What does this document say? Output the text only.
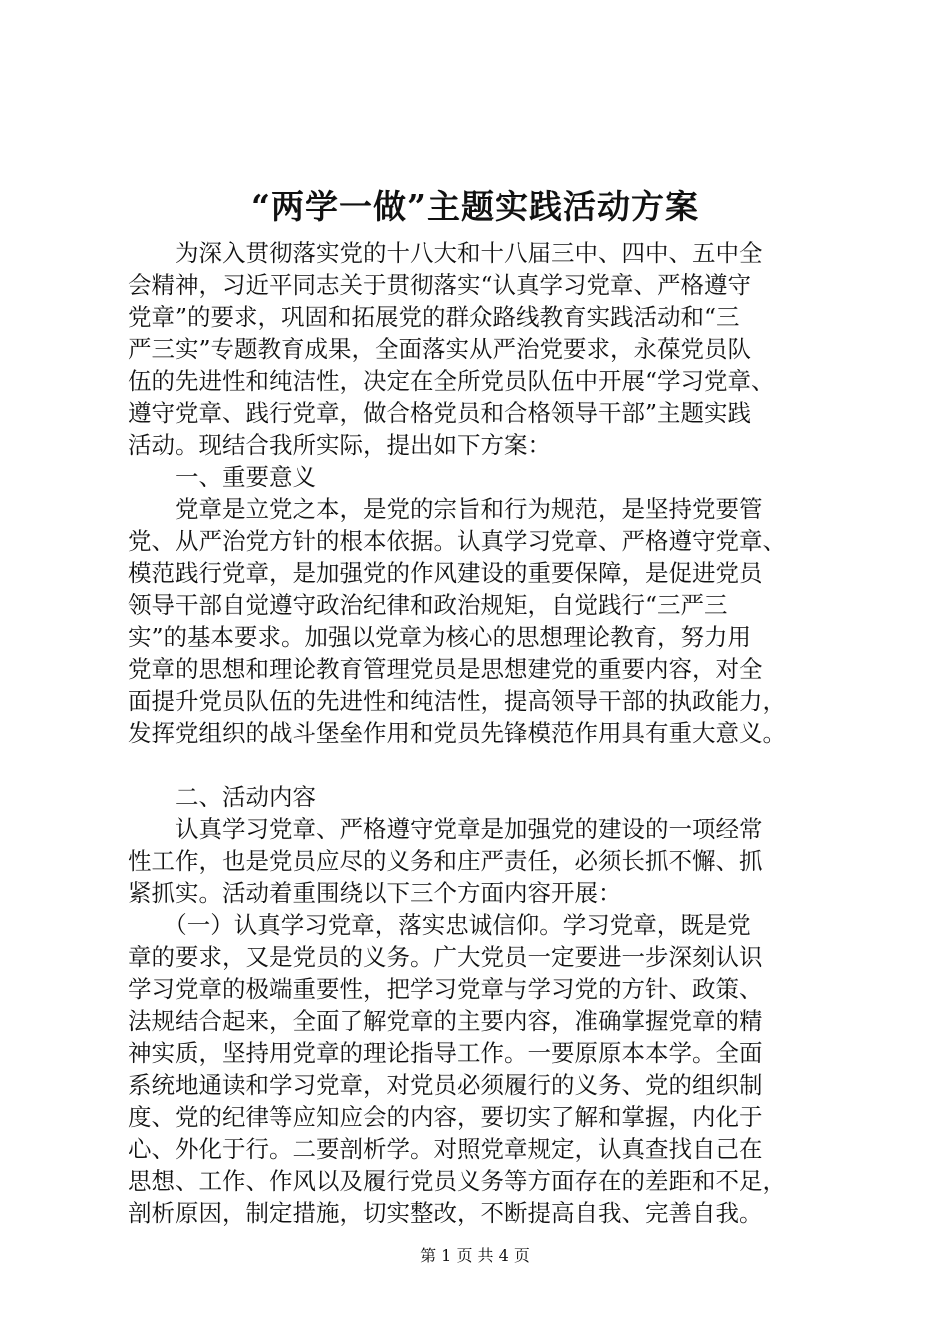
“两学一做”主题实践活动方案
　　为深入贯彻落实党的十八大和十八届三中、四中、五中全
会精神，习近平同志关于贯彻落实“认真学习党章、严格遵守
党章”的要求，巩固和拓展党的群众路线教育实践活动和“三
严三实”专题教育成果，全面落实从严治党要求，永葆党员队
伍的先进性和纯洁性，决定在全所党员队伍中开展“学习党章、
遵守党章、践行党章，做合格党员和合格领导干部”主题实践
活动。现结合我所实际，提出如下方案：
　　一、重要意义
　　党章是立党之本，是党的宗旨和行为规范，是坚持党要管
党、从严治党方针的根本依据。认真学习党章、严格遵守党章、
模范践行党章，是加强党的作风建设的重要保障，是促进党员
领导干部自觉遵守政治纪律和政治规矩，自觉践行“三严三
实”的基本要求。加强以党章为核心的思想理论教育，努力用
党章的思想和理论教育管理党员是思想建党的重要内容，对全
面提升党员队伍的先进性和纯洁性，提高领导干部的执政能力，
发挥党组织的战斗堡垒作用和党员先锋模范作用具有重大意义。
　　二、活动内容
　　认真学习党章、严格遵守党章是加强党的建设的一项经常
性工作，也是党员应尽的义务和庄严责任，必须长抓不懈、抓
紧抓实。活动着重围绕以下三个方面内容开展：
　　（一）认真学习党章，落实忠诚信仰。学习党章，既是党
章的要求，又是党员的义务。广大党员一定要进一步深刻认识
学习党章的极端重要性，把学习党章与学习党的方针、政策、
法规结合起来，全面了解党章的主要内容，准确掌握党章的精
神实质，坚持用党章的理论指导工作。一要原原本本学。全面
系统地通读和学习党章，对党员必须履行的义务、党的组织制
度、党的纪律等应知应会的内容，要切实了解和掌握，内化于
心、外化于行。二要剖析学。对照党章规定，认真查找自己在
思想、工作、作风以及履行党员义务等方面存在的差距和不足，
剖析原因，制定措施，切实整改，不断提高自我、完善自我。
第 1 页 共 4 页
